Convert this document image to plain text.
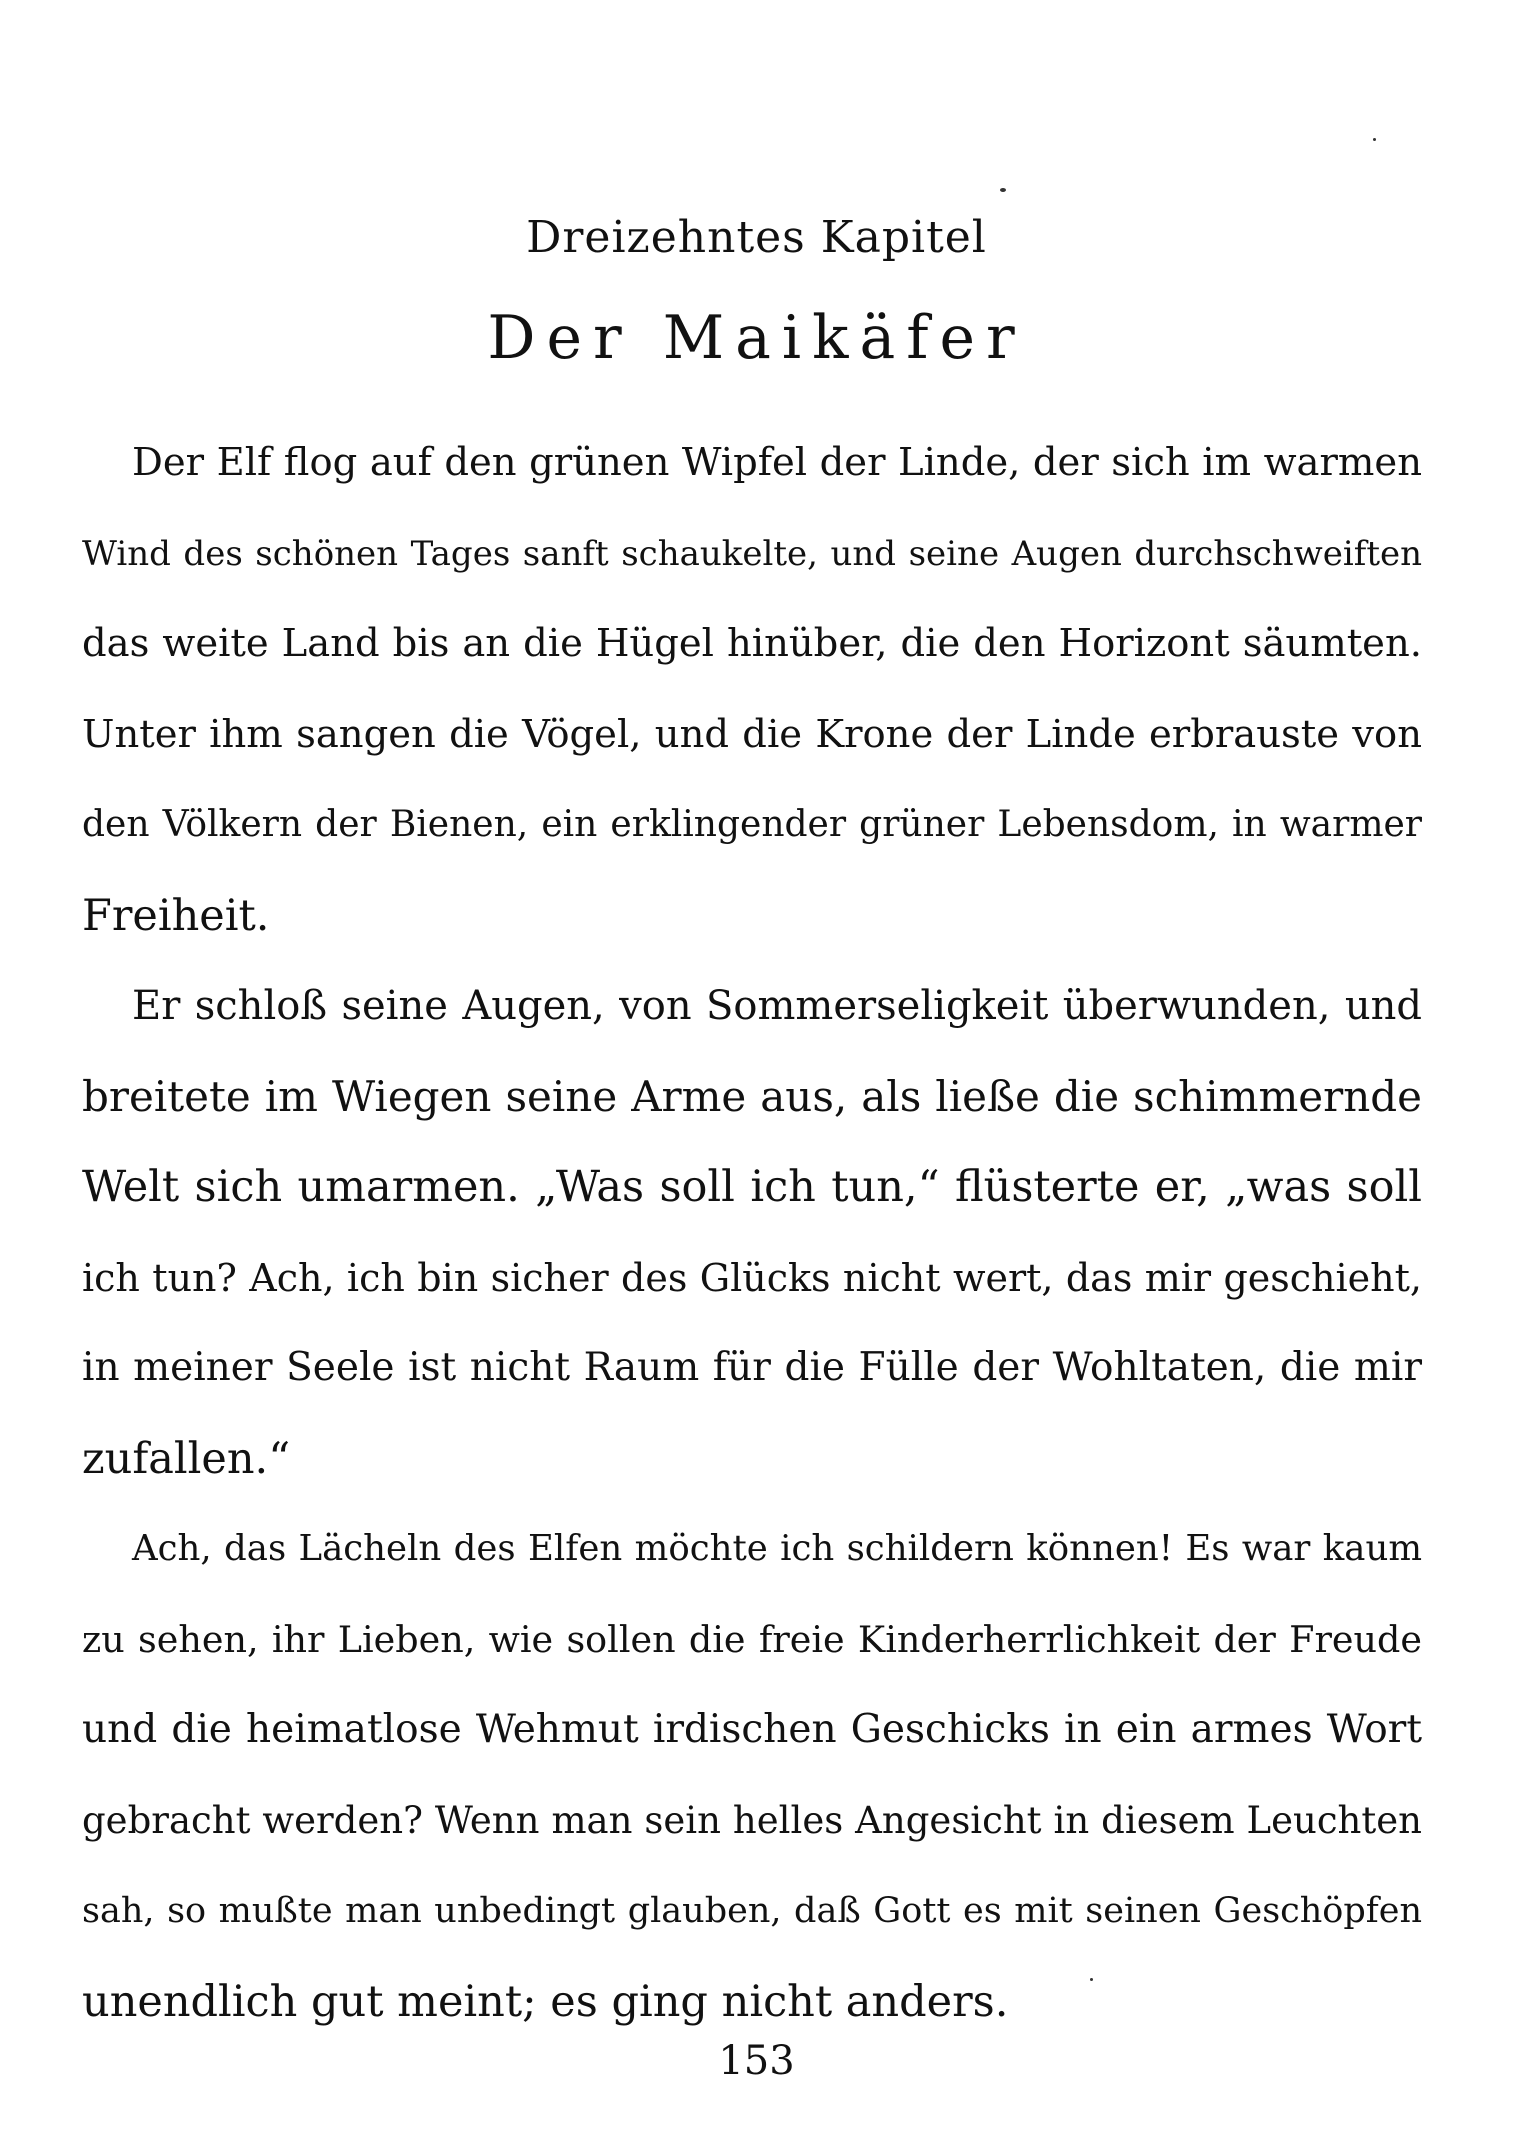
Dreizehntes Kapitel
Der Maikäfer
Der Elf flog auf den grünen Wipfel der Linde, der sich im warmen
Wind des schönen Tages sanft schaukelte, und seine Augen durchschweiften
das weite Land bis an die Hügel hinüber, die den Horizont säumten.
Unter ihm sangen die Vögel, und die Krone der Linde erbrauste von
den Völkern der Bienen, ein erklingender grüner Lebensdom, in warmer
Freiheit.
Er schloß seine Augen, von Sommerseligkeit überwunden, und
breitete im Wiegen seine Arme aus, als ließe die schimmernde
Welt sich umarmen. „Was soll ich tun,“ flüsterte er, „was soll
ich tun? Ach, ich bin sicher des Glücks nicht wert, das mir geschieht,
in meiner Seele ist nicht Raum für die Fülle der Wohltaten, die mir
zufallen.“
Ach, das Lächeln des Elfen möchte ich schildern können! Es war kaum
zu sehen, ihr Lieben, wie sollen die freie Kinderherrlichkeit der Freude
und die heimatlose Wehmut irdischen Geschicks in ein armes Wort
gebracht werden? Wenn man sein helles Angesicht in diesem Leuchten
sah, so mußte man unbedingt glauben, daß Gott es mit seinen Geschöpfen
unendlich gut meint; es ging nicht anders.
153
